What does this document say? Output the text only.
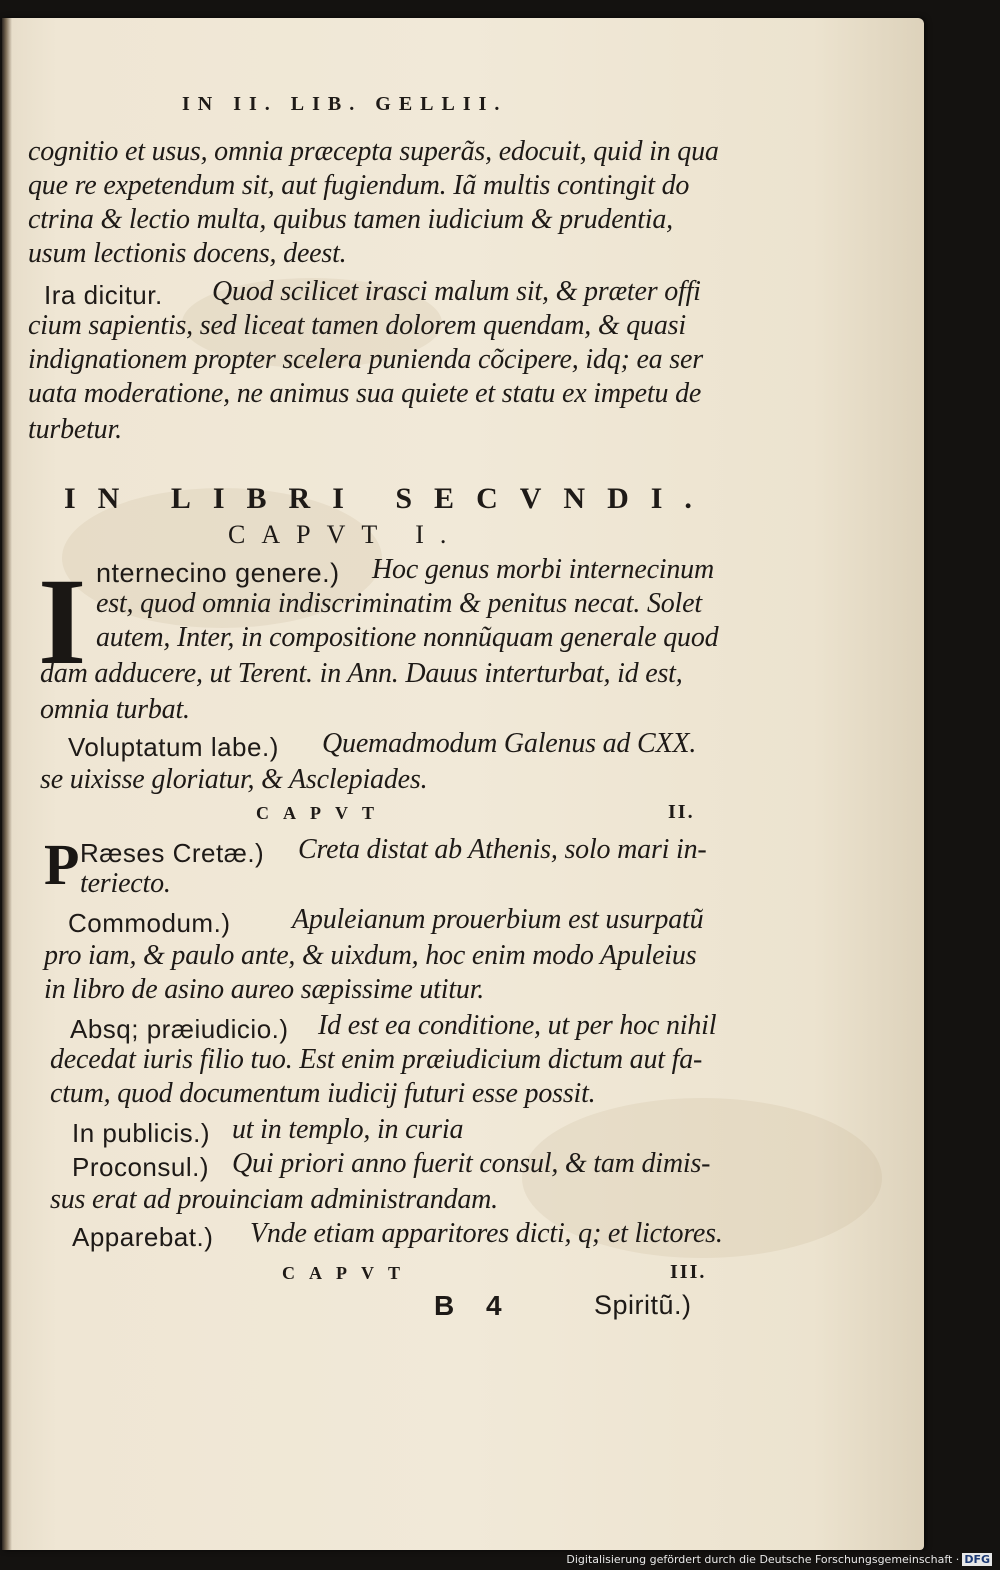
IN II. LIB. GELLII.
cognitio et usus, omnia præcepta superãs, edocuit, quid in qua
que re expetendum sit, aut fugiendum. Iã multis contingit do
ctrina & lectio multa, quibus tamen iudicium & prudentia,
usum lectionis docens, deest.
Ira dicitur. Quod scilicet irasci malum sit, & præter offi
cium sapientis, sed liceat tamen dolorem quendam, & quasi
indignationem propter scelera punienda cõcipere, idq; ea ser
uata moderatione, ne animus sua quiete et statu ex impetu de
turbetur.
IN LIBRI SECVNDI.
CAPVT I.
I nternecino genere.) Hoc genus morbi internecinum
est, quod omnia indiscriminatim & penitus necat. Solet
autem, Inter, in compositione nonnũquam generale quod
dam adducere, ut Terent. in Ann. Dauus interturbat, id est,
omnia turbat.
Voluptatum labe.) Quemadmodum Galenus ad CXX.
se uixisse gloriatur, & Asclepiades.
CAPVT	II.
P Ræses Cretæ.) Creta distat ab Athenis, solo mari in-
teriecto.
Commodum.) Apuleianum prouerbium est usurpatũ
pro iam, & paulo ante, & uixdum, hoc enim modo Apuleius
in libro de asino aureo sæpissime utitur.
Absq; præiudicio.) Id est ea conditione, ut per hoc nihil
decedat iuris filio tuo. Est enim præiudicium dictum aut fa-
ctum, quod documentum iudicij futuri esse possit.
In publicis.) ut in templo, in curia
Proconsul.) Qui priori anno fuerit consul, & tam dimis-
sus erat ad prouinciam administrandam.
Apparebat.) Vnde etiam apparitores dicti, q; et lictores.
CAPVT	III.
B 4	Spiritũ.)
Digitalisierung gefördert durch die Deutsche Forschungsgemeinschaft · DFG
